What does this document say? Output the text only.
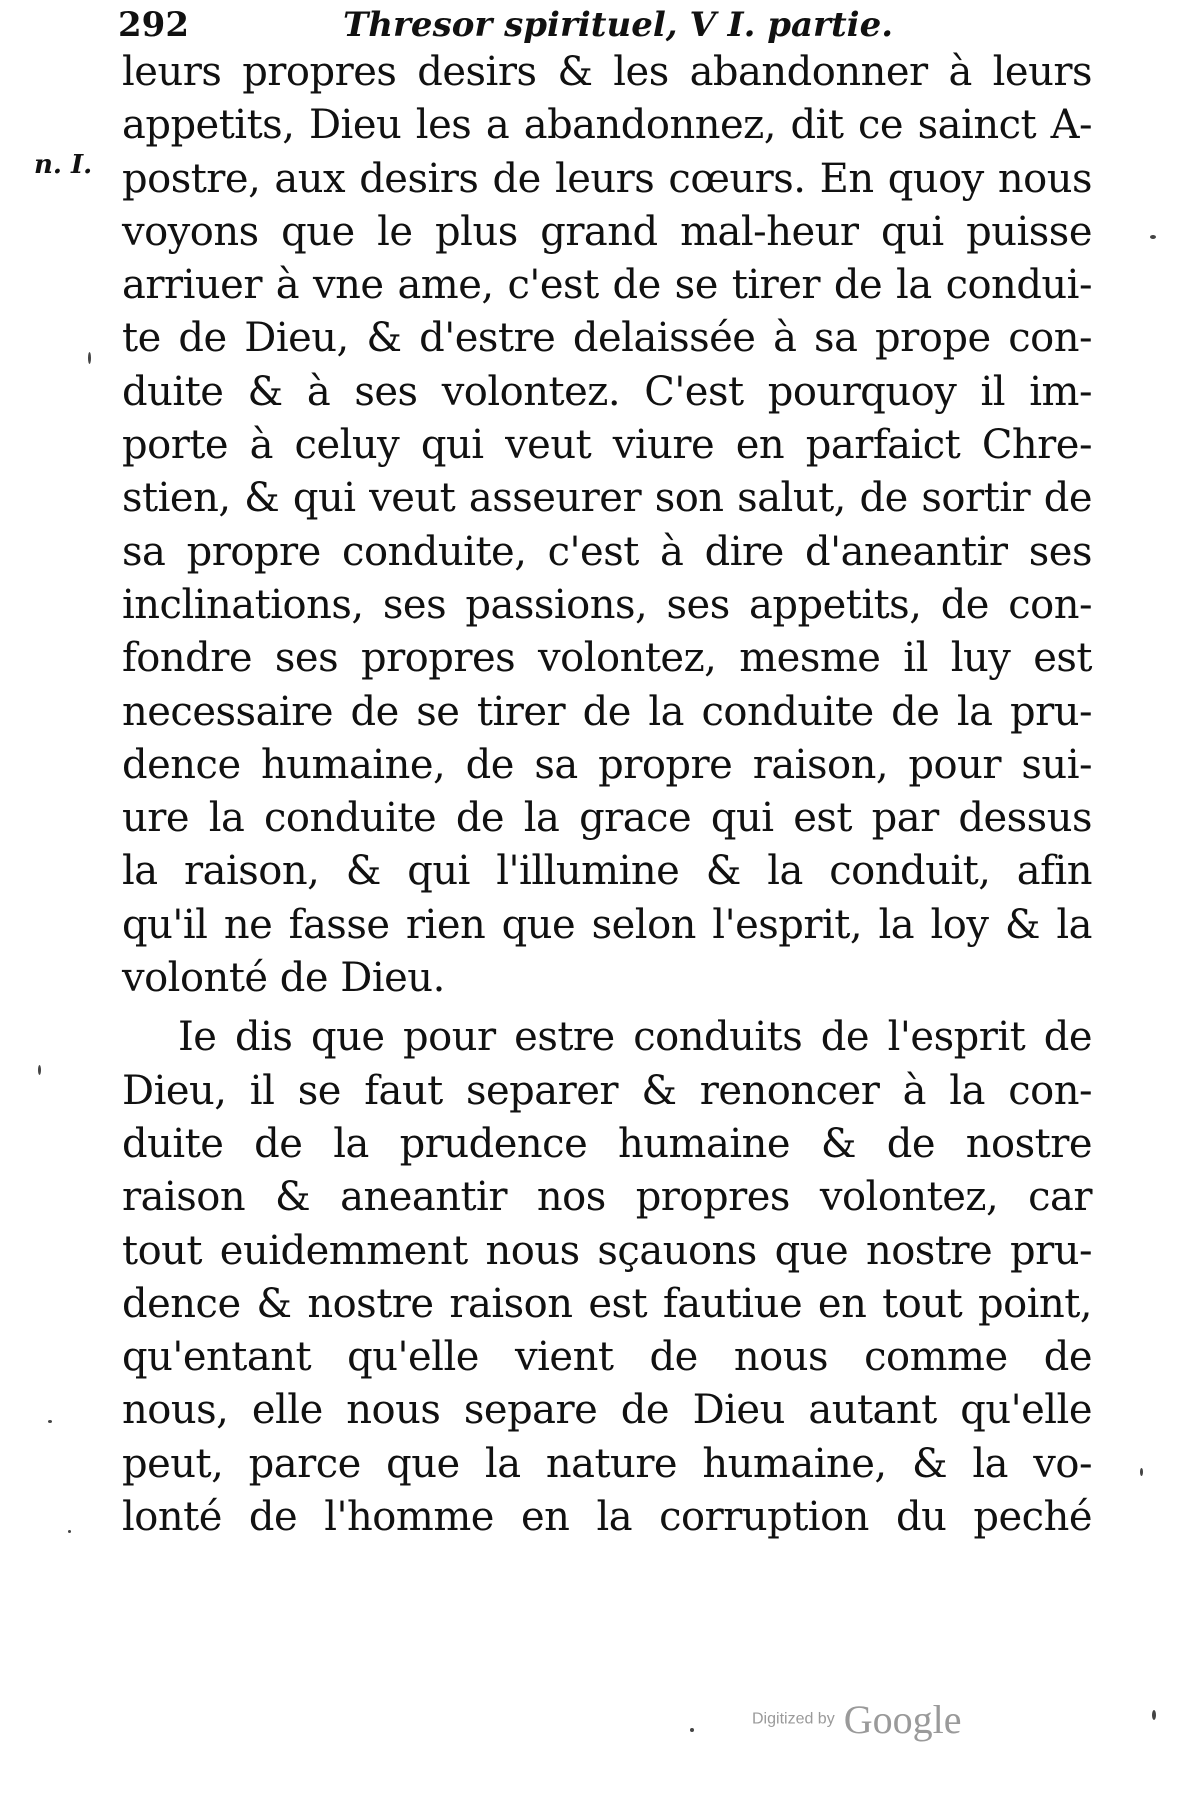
292	Thresor spirituel, V I. partie.
n. I.
leurs propres desirs & les abandonner à leurs
appetits, Dieu les a abandonnez, dit ce sainct A-
postre, aux desirs de leurs cœurs. En quoy nous
voyons que le plus grand mal-heur qui puisse
arriuer à vne ame, c'est de se tirer de la condui-
te de Dieu, & d'estre delaissée à sa prope con-
duite & à ses volontez. C'est pourquoy il im-
porte à celuy qui veut viure en parfaict Chre-
stien, & qui veut asseurer son salut, de sortir de
sa propre conduite, c'est à dire d'aneantir ses
inclinations, ses passions, ses appetits, de con-
fondre ses propres volontez, mesme il luy est
necessaire de se tirer de la conduite de la pru-
dence humaine, de sa propre raison, pour sui-
ure la conduite de la grace qui est par dessus
la raison, & qui l'illumine & la conduit, afin
qu'il ne fasse rien que selon l'esprit, la loy & la
volonté de Dieu.
Ie dis que pour estre conduits de l'esprit de
Dieu, il se faut separer & renoncer à la con-
duite de la prudence humaine & de nostre
raison & aneantir nos propres volontez, car
tout euidemment nous sçauons que nostre pru-
dence & nostre raison est fautiue en tout point,
qu'entant qu'elle vient de nous comme de
nous, elle nous separe de Dieu autant qu'elle
peut, parce que la nature humaine, & la vo-
lonté de l'homme en la corruption du peché
Digitized by Google
